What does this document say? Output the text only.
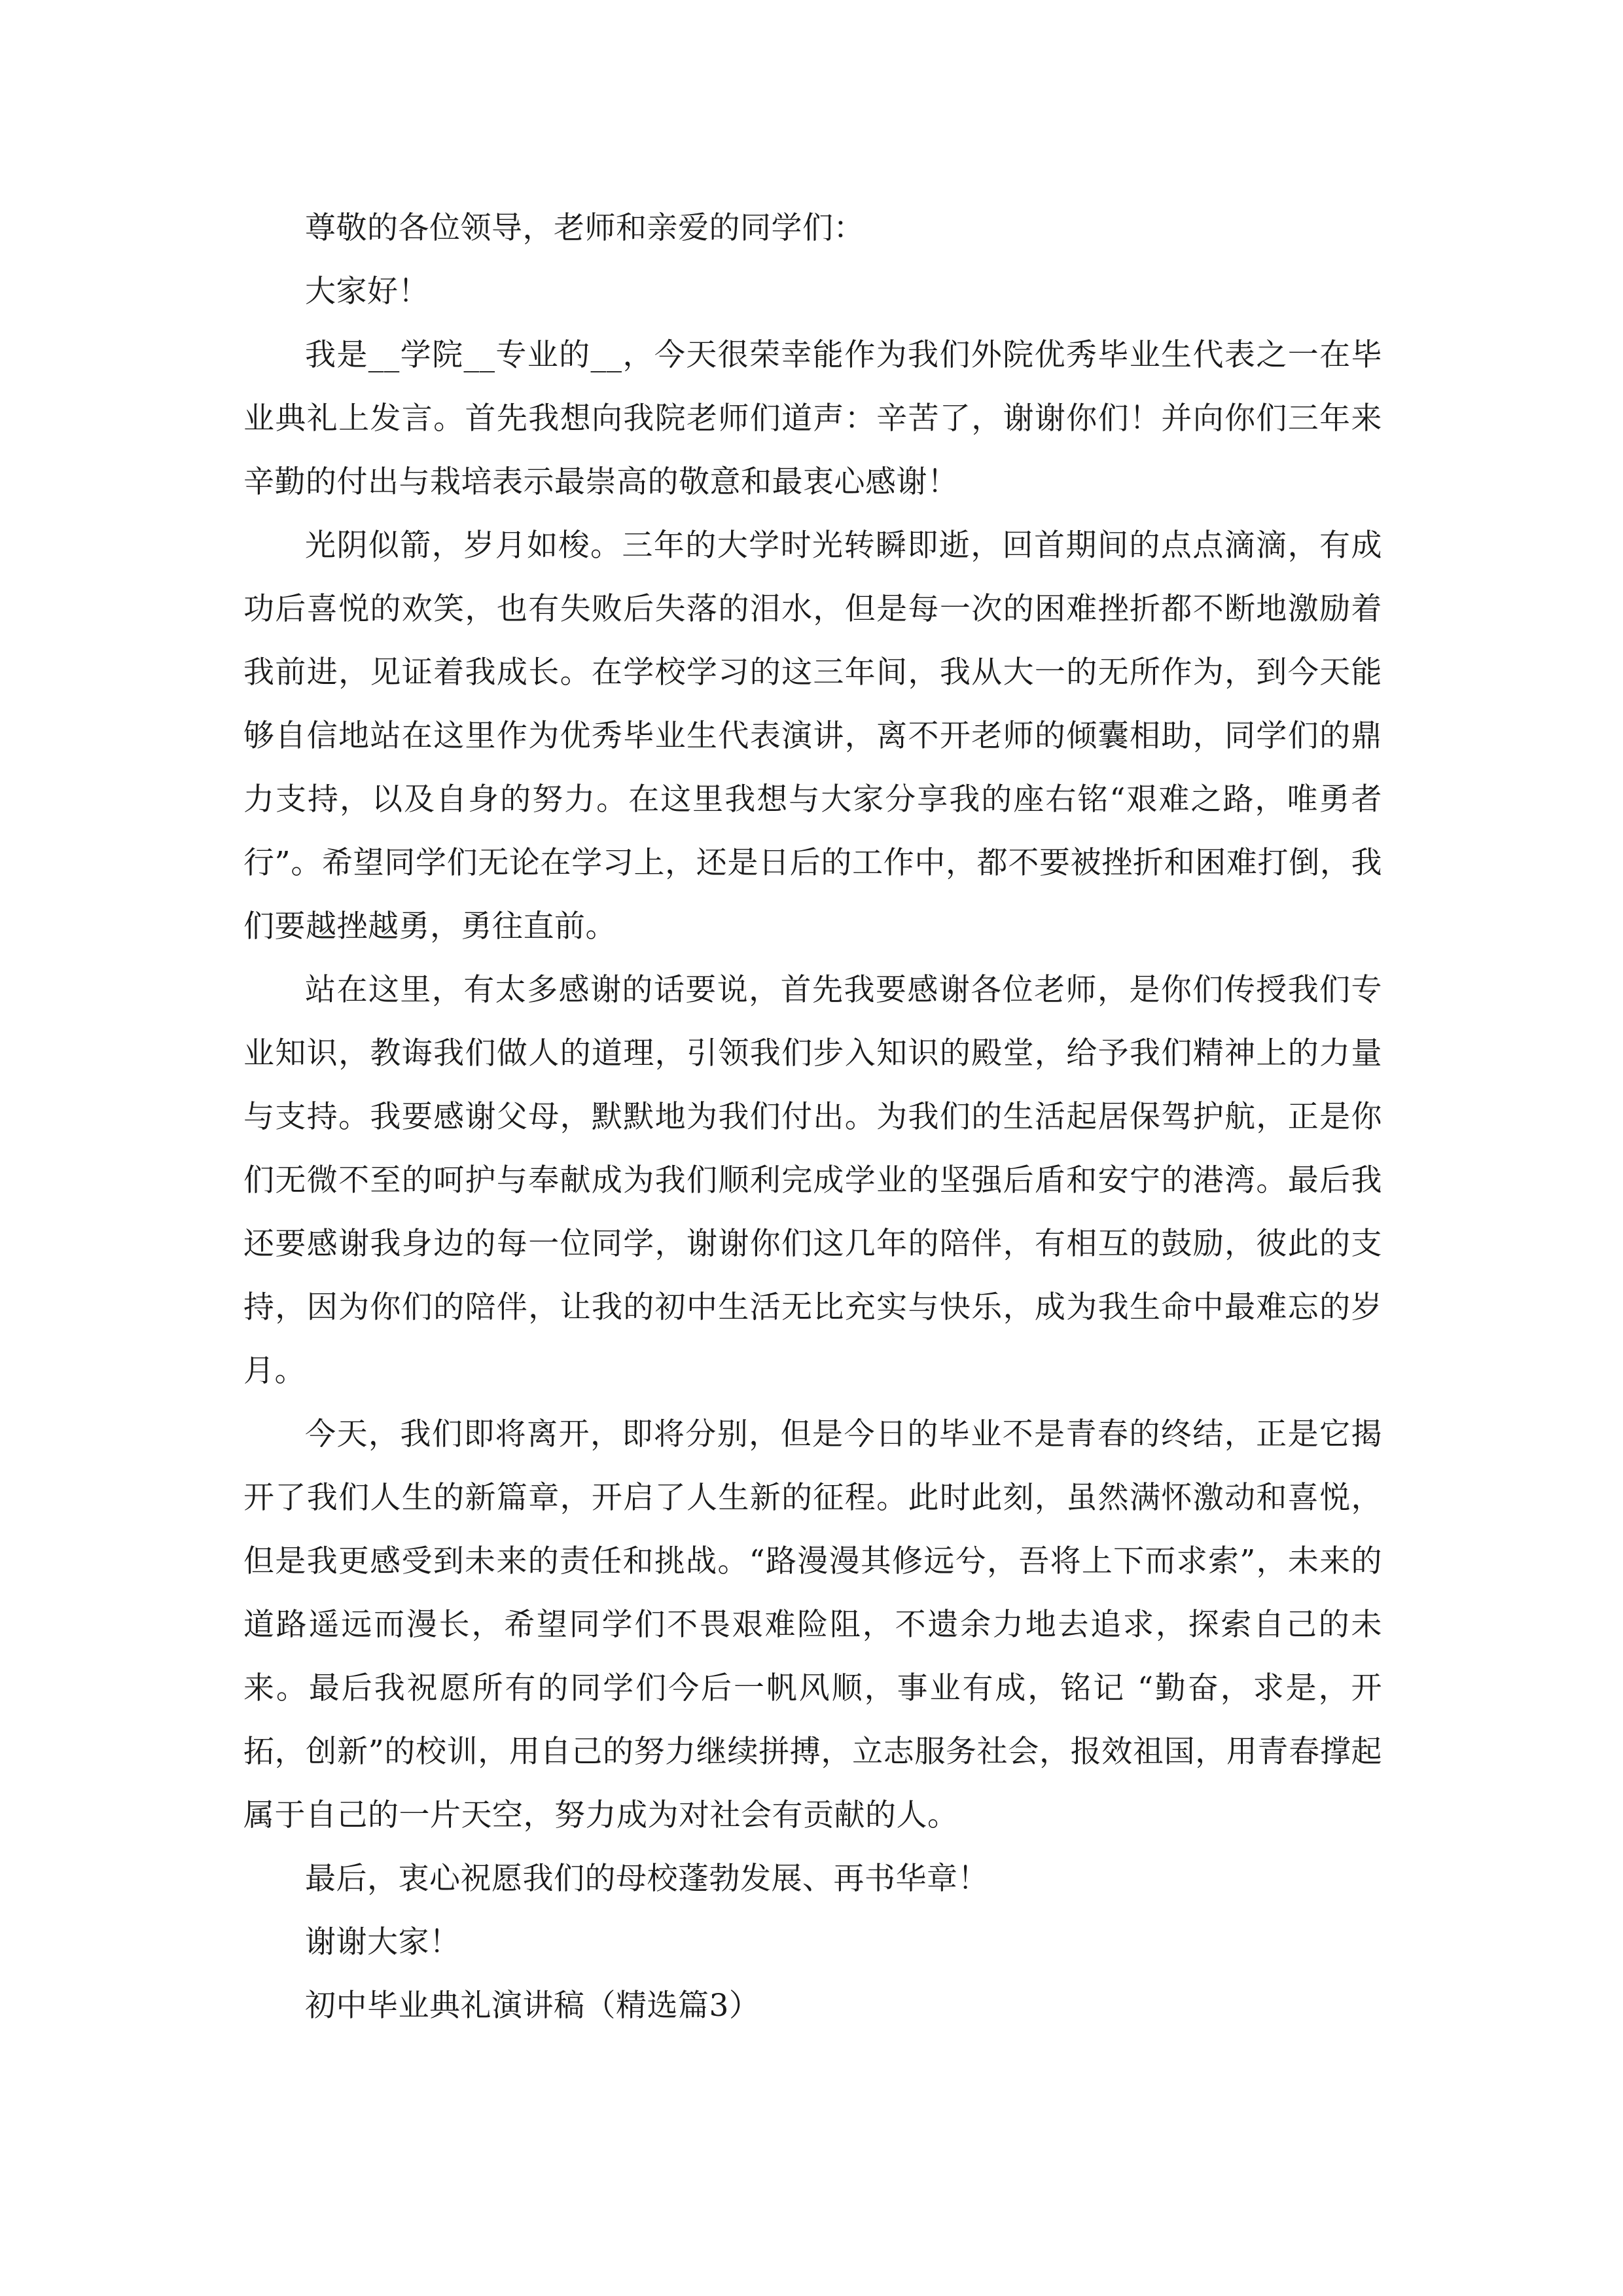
尊敬的各位领导，老师和亲爱的同学们：

大家好！

我是__学院__专业的__，今天很荣幸能作为我们外院优秀毕业生代表之一在毕业典礼上发言。首先我想向我院老师们道声：辛苦了，谢谢你们！并向你们三年来辛勤的付出与栽培表示最崇高的敬意和最衷心感谢！

光阴似箭，岁月如梭。三年的大学时光转瞬即逝，回首期间的点点滴滴，有成功后喜悦的欢笑，也有失败后失落的泪水，但是每一次的困难挫折都不断地激励着我前进，见证着我成长。在学校学习的这三年间，我从大一的无所作为，到今天能够自信地站在这里作为优秀毕业生代表演讲，离不开老师的倾囊相助，同学们的鼎力支持，以及自身的努力。在这里我想与大家分享我的座右铭“艰难之路，唯勇者行”。希望同学们无论在学习上，还是日后的工作中，都不要被挫折和困难打倒，我们要越挫越勇，勇往直前。

站在这里，有太多感谢的话要说，首先我要感谢各位老师，是你们传授我们专业知识，教诲我们做人的道理，引领我们步入知识的殿堂，给予我们精神上的力量与支持。我要感谢父母，默默地为我们付出。为我们的生活起居保驾护航，正是你们无微不至的呵护与奉献成为我们顺利完成学业的坚强后盾和安宁的港湾。最后我还要感谢我身边的每一位同学，谢谢你们这几年的陪伴，有相互的鼓励，彼此的支持，因为你们的陪伴，让我的初中生活无比充实与快乐，成为我生命中最难忘的岁月。

今天，我们即将离开，即将分别，但是今日的毕业不是青春的终结，正是它揭开了我们人生的新篇章，开启了人生新的征程。此时此刻，虽然满怀激动和喜悦，但是我更感受到未来的责任和挑战。“路漫漫其修远兮，吾将上下而求索”，未来的道路遥远而漫长，希望同学们不畏艰难险阻，不遗余力地去追求，探索自己的未来。最后我祝愿所有的同学们今后一帆风顺，事业有成，铭记 “勤奋，求是，开拓，创新”的校训，用自己的努力继续拼搏，立志服务社会，报效祖国，用青春撑起属于自己的一片天空，努力成为对社会有贡献的人。

最后，衷心祝愿我们的母校蓬勃发展、再书华章！

谢谢大家！

初中毕业典礼演讲稿（精选篇3）
